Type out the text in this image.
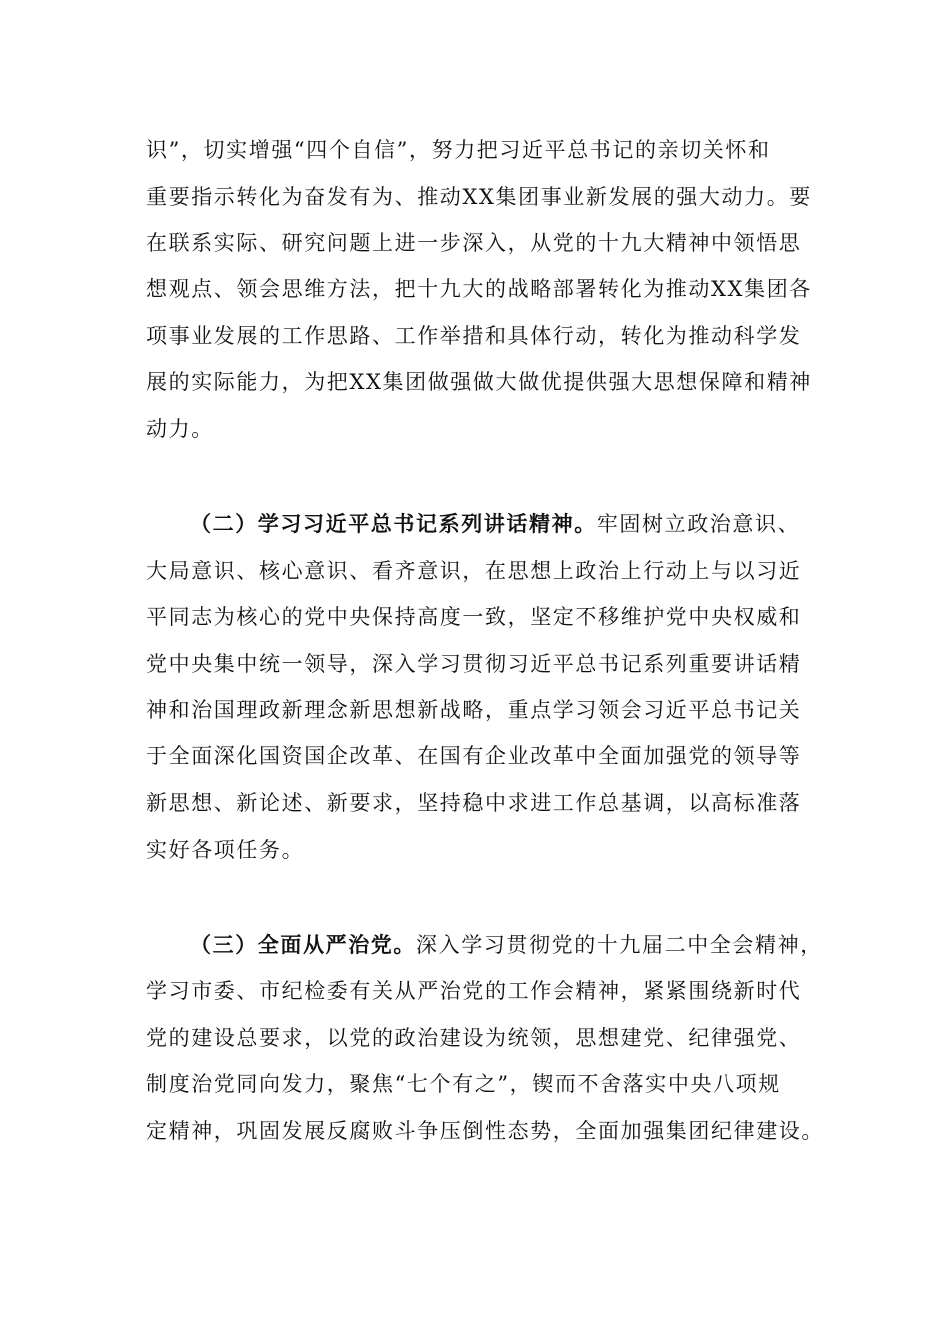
识”，切实增强“四个自信”，努力把习近平总书记的亲切关怀和
重要指示转化为奋发有为、推动XX集团事业新发展的强大动力。要
在联系实际、研究问题上进一步深入，从党的十九大精神中领悟思
想观点、领会思维方法，把十九大的战略部署转化为推动XX集团各
项事业发展的工作思路、工作举措和具体行动，转化为推动科学发
展的实际能力，为把XX集团做强做大做优提供强大思想保障和精神
动力。
（二）学习习近平总书记系列讲话精神。牢固树立政治意识、
大局意识、核心意识、看齐意识，在思想上政治上行动上与以习近
平同志为核心的党中央保持高度一致，坚定不移维护党中央权威和
党中央集中统一领导，深入学习贯彻习近平总书记系列重要讲话精
神和治国理政新理念新思想新战略，重点学习领会习近平总书记关
于全面深化国资国企改革、在国有企业改革中全面加强党的领导等
新思想、新论述、新要求，坚持稳中求进工作总基调，以高标准落
实好各项任务。
（三）全面从严治党。深入学习贯彻党的十九届二中全会精神，
学习市委、市纪检委有关从严治党的工作会精神，紧紧围绕新时代
党的建设总要求，以党的政治建设为统领，思想建党、纪律强党、
制度治党同向发力，聚焦“七个有之”，锲而不舍落实中央八项规
定精神，巩固发展反腐败斗争压倒性态势，全面加强集团纪律建设。
